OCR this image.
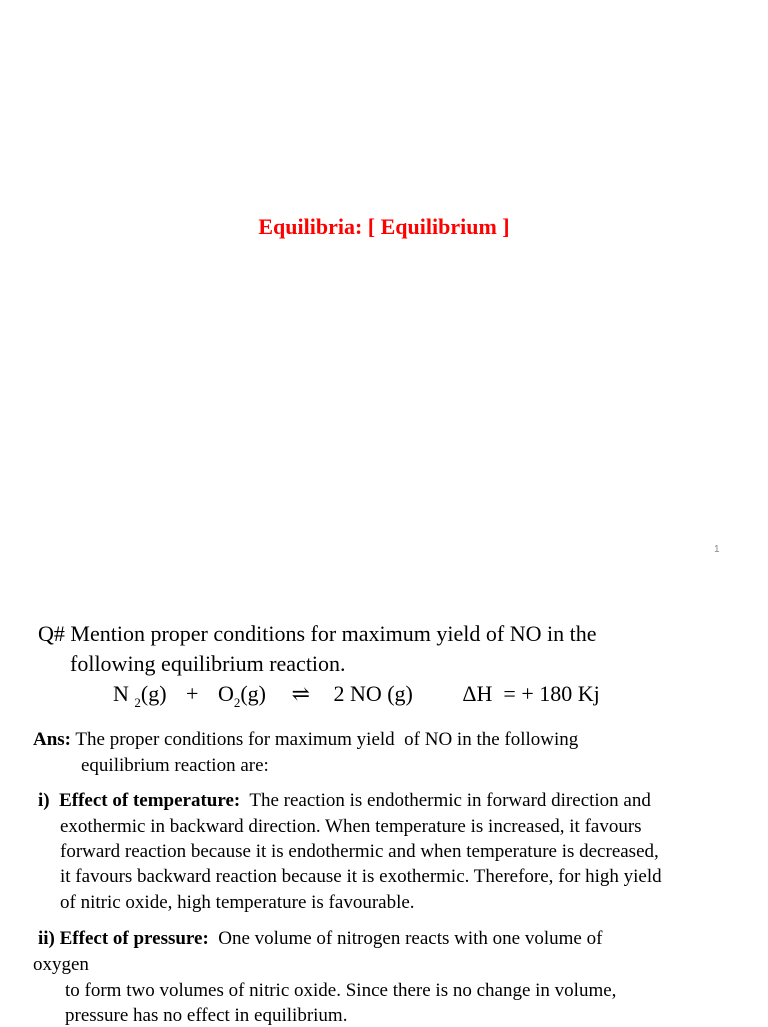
Equilibria: [ Equilibrium ]
1
Q# Mention proper conditions for maximum yield of NO in the
following equilibrium reaction.
N $_2(g) + O_2(g)$ ⇌ 2 NO (g) ΔH  = + 180 Kj
Ans: The proper conditions for maximum yield  of NO in the following
equilibrium reaction are:
i)  Effect of temperature:  The reaction is endothermic in forward direction and
exothermic in backward direction. When temperature is increased, it favours
forward reaction because it is endothermic and when temperature is decreased,
it favours backward reaction because it is exothermic. Therefore, for high yield
of nitric oxide, high temperature is favourable.
ii) Effect of pressure:  One volume of nitrogen reacts with one volume of
oxygen
to form two volumes of nitric oxide. Since there is no change in volume,
pressure has no effect in equilibrium.
